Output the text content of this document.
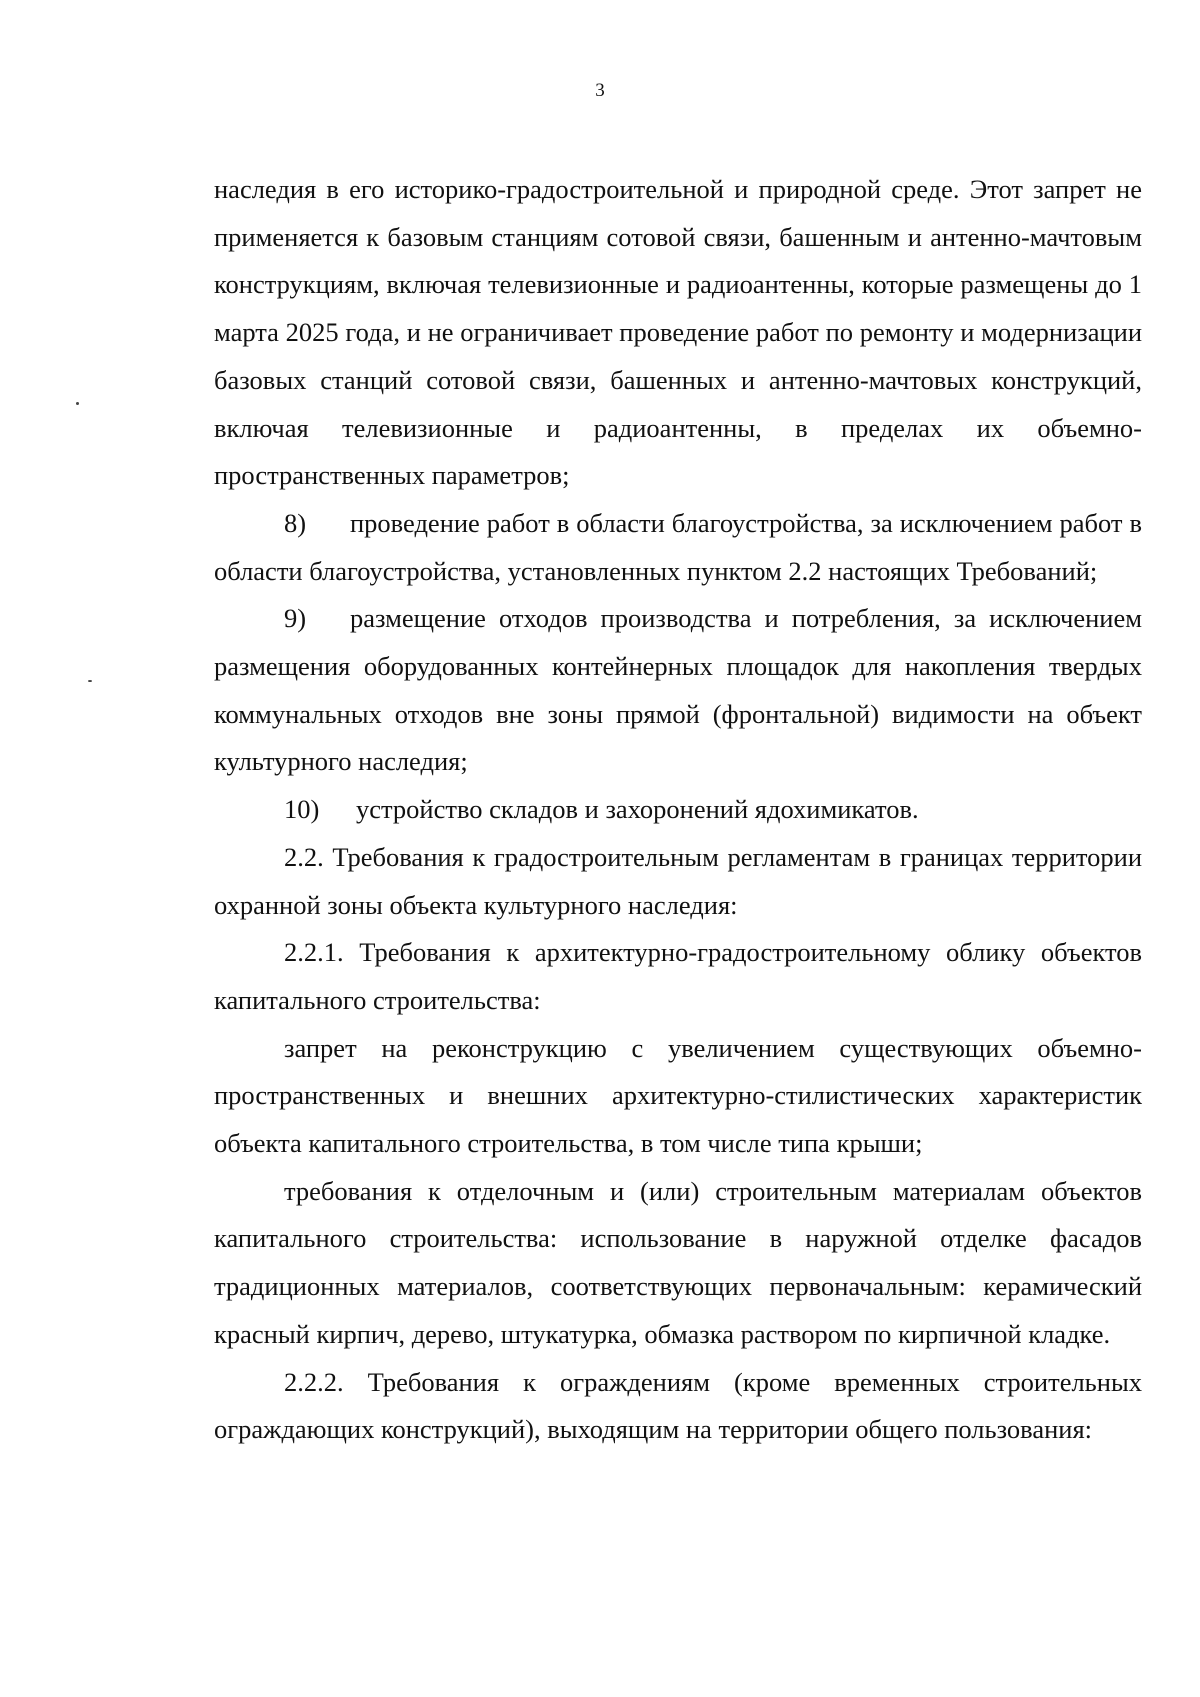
3

наследия в его историко-градостроительной и природной среде. Этот запрет не применяется к базовым станциям сотовой связи, башенным и антенно-мачтовым конструкциям, включая телевизионные и радиоантенны, которые размещены до 1 марта 2025 года, и не ограничивает проведение работ по ремонту и модернизации базовых станций сотовой связи, башенных и антенно-мачтовых конструкций, включая телевизионные и радиоантенны, в пределах их объемно-пространственных параметров;

8) проведение работ в области благоустройства, за исключением работ в области благоустройства, установленных пунктом 2.2 настоящих Требований;

9) размещение отходов производства и потребления, за исключением размещения оборудованных контейнерных площадок для накопления твердых коммунальных отходов вне зоны прямой (фронтальной) видимости на объект культурного наследия;

10) устройство складов и захоронений ядохимикатов.

2.2. Требования к градостроительным регламентам в границах территории охранной зоны объекта культурного наследия:

2.2.1. Требования к архитектурно-градостроительному облику объектов капитального строительства:

запрет на реконструкцию с увеличением существующих объемно-пространственных и внешних архитектурно-стилистических характеристик объекта капитального строительства, в том числе типа крыши;

требования к отделочным и (или) строительным материалам объектов капитального строительства: использование в наружной отделке фасадов традиционных материалов, соответствующих первоначальным: керамический красный кирпич, дерево, штукатурка, обмазка раствором по кирпичной кладке.

2.2.2. Требования к ограждениям (кроме временных строительных ограждающих конструкций), выходящим на территории общего пользования:
